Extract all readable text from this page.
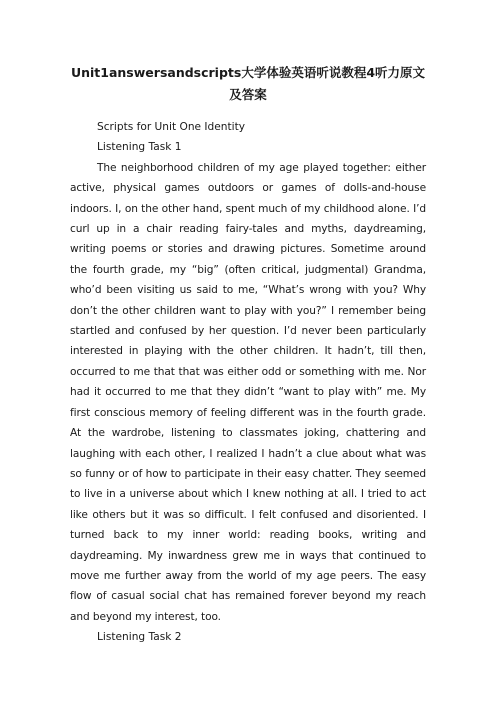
Unit1answersandscripts大学体验英语听说教程4听力原文
及答案

Scripts for Unit One Identity

Listening Task 1

The neighborhood children of my age played together: either active, physical games outdoors or games of dolls-and-house indoors. I, on the other hand, spent much of my childhood alone. I’d curl up in a chair reading fairy-tales and myths, daydreaming, writing poems or stories and drawing pictures. Sometime around the fourth grade, my “big” (often critical, judgmental) Grandma, who’d been visiting us said to me, “What’s wrong with you? Why don’t the other children want to play with you?” I remember being startled and confused by her question. I’d never been particularly interested in playing with the other children. It hadn’t, till then, occurred to me that that was either odd or something with me. Nor had it occurred to me that they didn’t “want to play with” me. My first conscious memory of feeling different was in the fourth grade. At the wardrobe, listening to classmates joking, chattering and laughing with each other, I realized I hadn’t a clue about what was so funny or of how to participate in their easy chatter. They seemed to live in a universe about which I knew nothing at all. I tried to act like others but it was so difficult. I felt confused and disoriented. I turned back to my inner world: reading books, writing and daydreaming. My inwardness grew me in ways that continued to move me further away from the world of my age peers. The easy flow of casual social chat has remained forever beyond my reach and beyond my interest, too.

Listening Task 2
